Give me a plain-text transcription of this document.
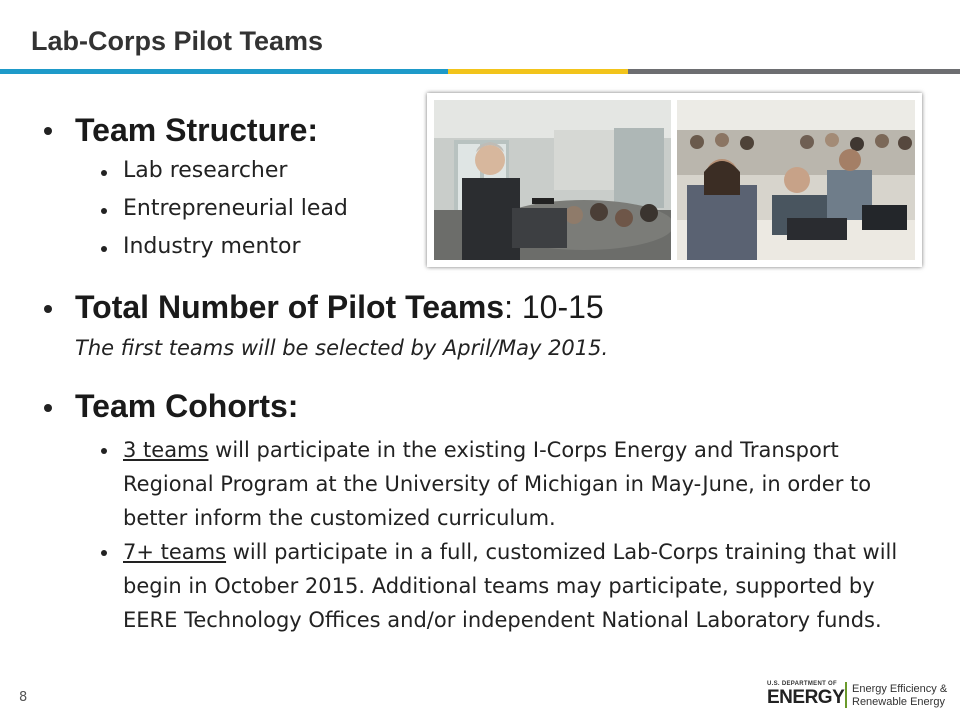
Lab-Corps Pilot Teams
Team Structure:
Lab researcher
Entrepreneurial lead
Industry mentor
Total Number of Pilot Teams: 10-15
The first teams will be selected by April/May 2015.
Team Cohorts:
3 teams will participate in the existing I-Corps Energy and Transport Regional Program at the University of Michigan in May-June, in order to better inform the customized curriculum.
7+ teams will participate in a full, customized Lab-Corps training that will begin in October 2015. Additional teams may participate, supported by EERE Technology Offices and/or independent National Laboratory funds.
8
U.S. DEPARTMENT OF
ENERGY Energy Efficiency &
Renewable Energy
